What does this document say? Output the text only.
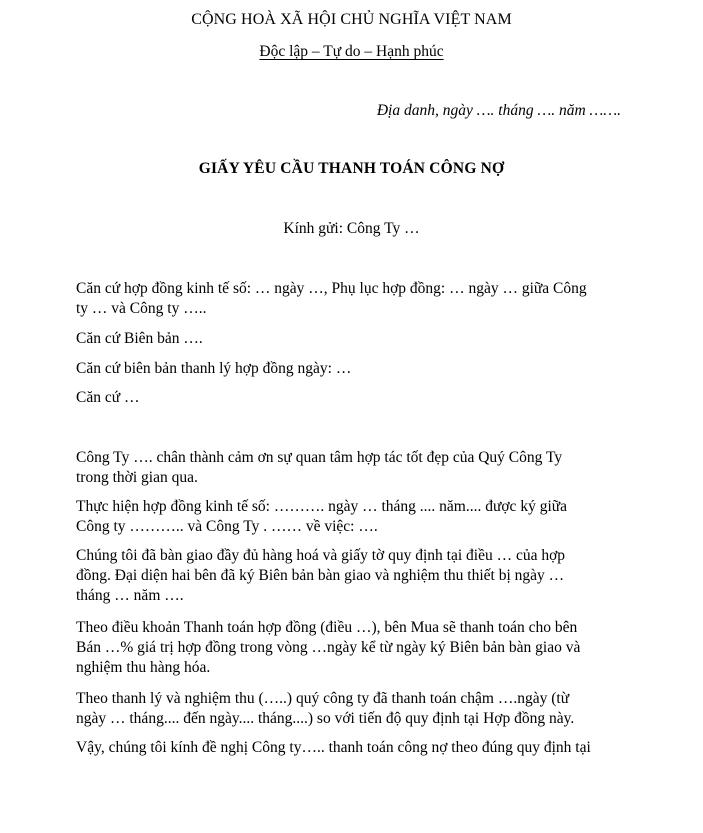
CỘNG HOÀ XÃ HỘI CHỦ NGHĨA VIỆT NAM
Độc lập – Tự do – Hạnh phúc
Địa danh, ngày …. tháng …. năm …….
GIẤY YÊU CẦU THANH TOÁN CÔNG NỢ
Kính gửi: Công Ty …
Căn cứ hợp đồng kinh tế số: … ngày …, Phụ lục hợp đồng: … ngày … giữa Công
ty … và Công ty …..
Căn cứ Biên bản ….
Căn cứ biên bản thanh lý hợp đồng ngày: …
Căn cứ …
Công Ty …. chân thành cảm ơn sự quan tâm hợp tác tốt đẹp của Quý Công Ty
trong thời gian qua.
Thực hiện hợp đồng kinh tế số: ………. ngày … tháng .... năm.... được ký giữa
Công ty ……….. và Công Ty . …… về việc: ….
Chúng tôi đã bàn giao đầy đủ hàng hoá và giấy tờ quy định tại điều … của hợp
đồng. Đại diện hai bên đã ký Biên bản bàn giao và nghiệm thu thiết bị ngày …
tháng … năm ….
Theo điều khoản Thanh toán hợp đồng (điều …), bên Mua sẽ thanh toán cho bên
Bán …% giá trị hợp đồng trong vòng …ngày kể từ ngày ký Biên bản bàn giao và
nghiệm thu hàng hóa.
Theo thanh lý và nghiệm thu (…..) quý công ty đã thanh toán chậm ….ngày (từ
ngày … tháng.... đến ngày.... tháng....) so với tiến độ quy định tại Hợp đồng này.
Vậy, chúng tôi kính đề nghị Công ty….. thanh toán công nợ theo đúng quy định tại
